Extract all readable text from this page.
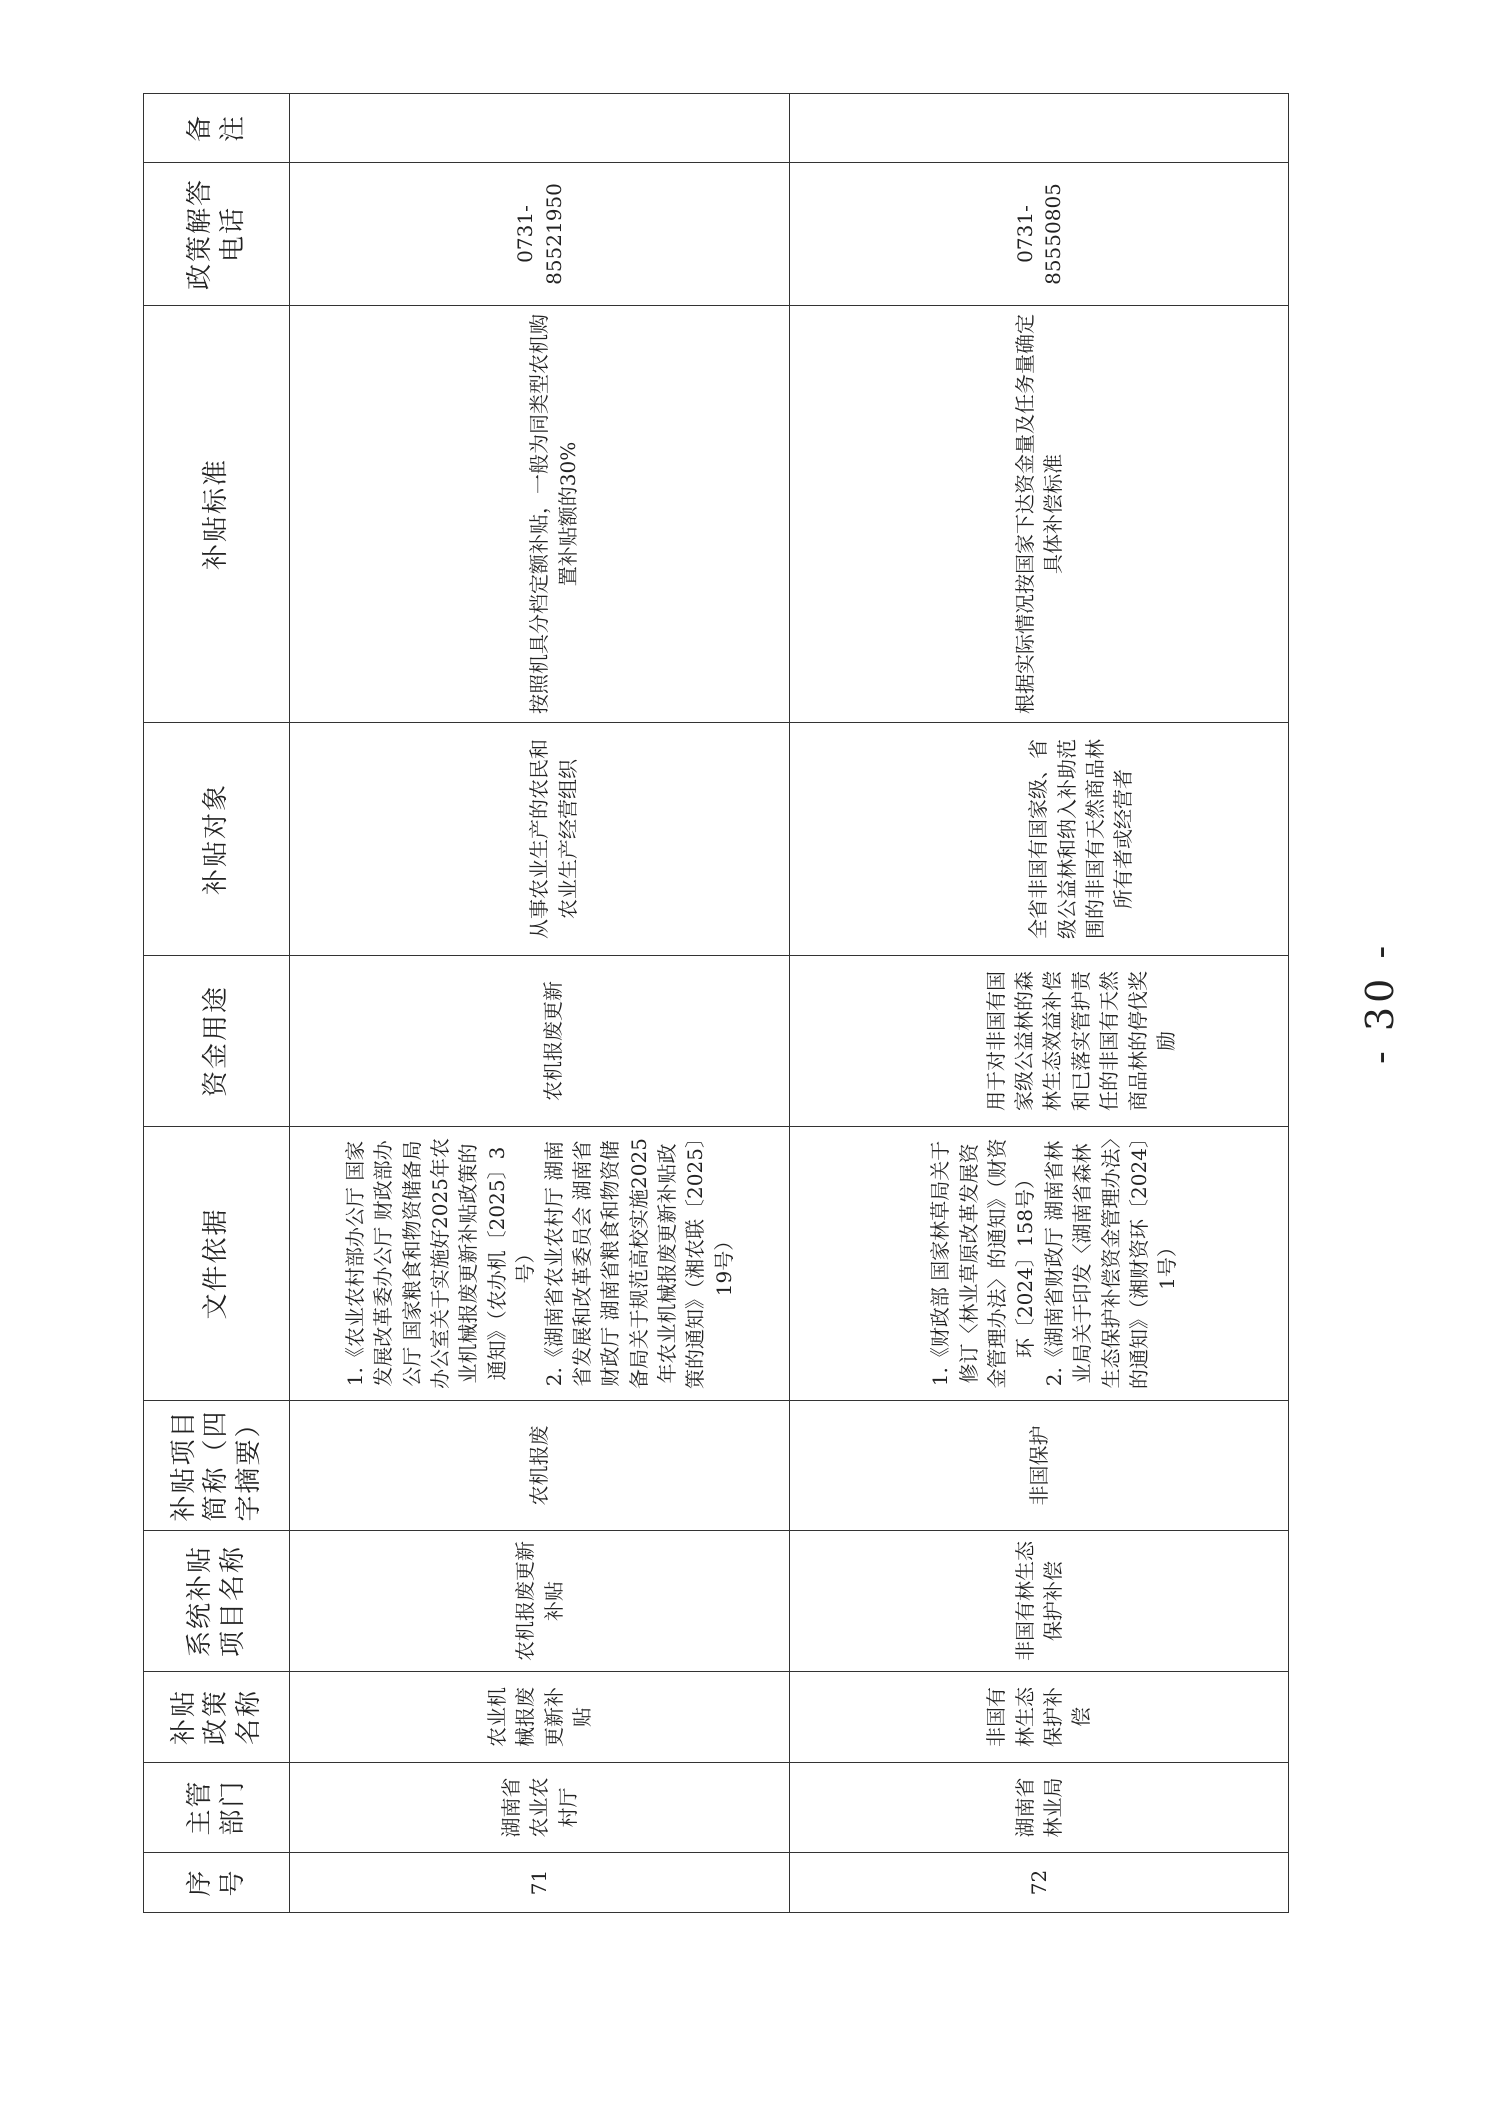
序号	主管部门	补贴政策名称	系统补贴项目名称	补贴项目简称（四字摘要）	文件依据	资金用途	补贴对象	补贴标准	政策解答电话	备注
71	湖南省农业农村厅	农业机械报废更新补贴	农机报废更新补贴	农机报废	1.《农业农村部办公厅 国家发展改革委办公厅 财政部办公厅 国家粮食和物资储备局办公室关于实施好2025年农业机械报废更新补贴政策的通知》（农办机〔2025〕3号）
2.《湖南省农业农村厅 湖南省发展和改革委员会 湖南省财政厅 湖南省粮食和物资储备局关于规范高校实施2025年农业机械报废更新补贴政策的通知》（湘农联〔2025〕19号）	农机报废更新	从事农业生产的农民和农业生产经营组织	按照机具分档定额补贴，一般为同类型农机购置补贴额的30%	0731-85521950	
72	湖南省林业局	非国有林生态保护补偿	非国有林生态保护补偿	非国保护	1.《财政部 国家林草局关于修订〈林业草原改革发展资金管理办法〉的通知》（财资环〔2024〕158号）
2.《湖南省财政厅 湖南省林业局关于印发〈湖南省森林生态保护补偿资金管理办法〉的通知》（湘财资环〔2024〕1号）	用于对非国有国家级公益林的森林生态效益补偿和已落实管护责任的非国有天然商品林的停伐奖励	全省非国有国家级、省级公益林和纳入补助范围的非国有天然商品林所有者或经营者	根据实际情况按国家下达资金量及任务量确定具体补偿标准	0731-85550805	
- 30 -
